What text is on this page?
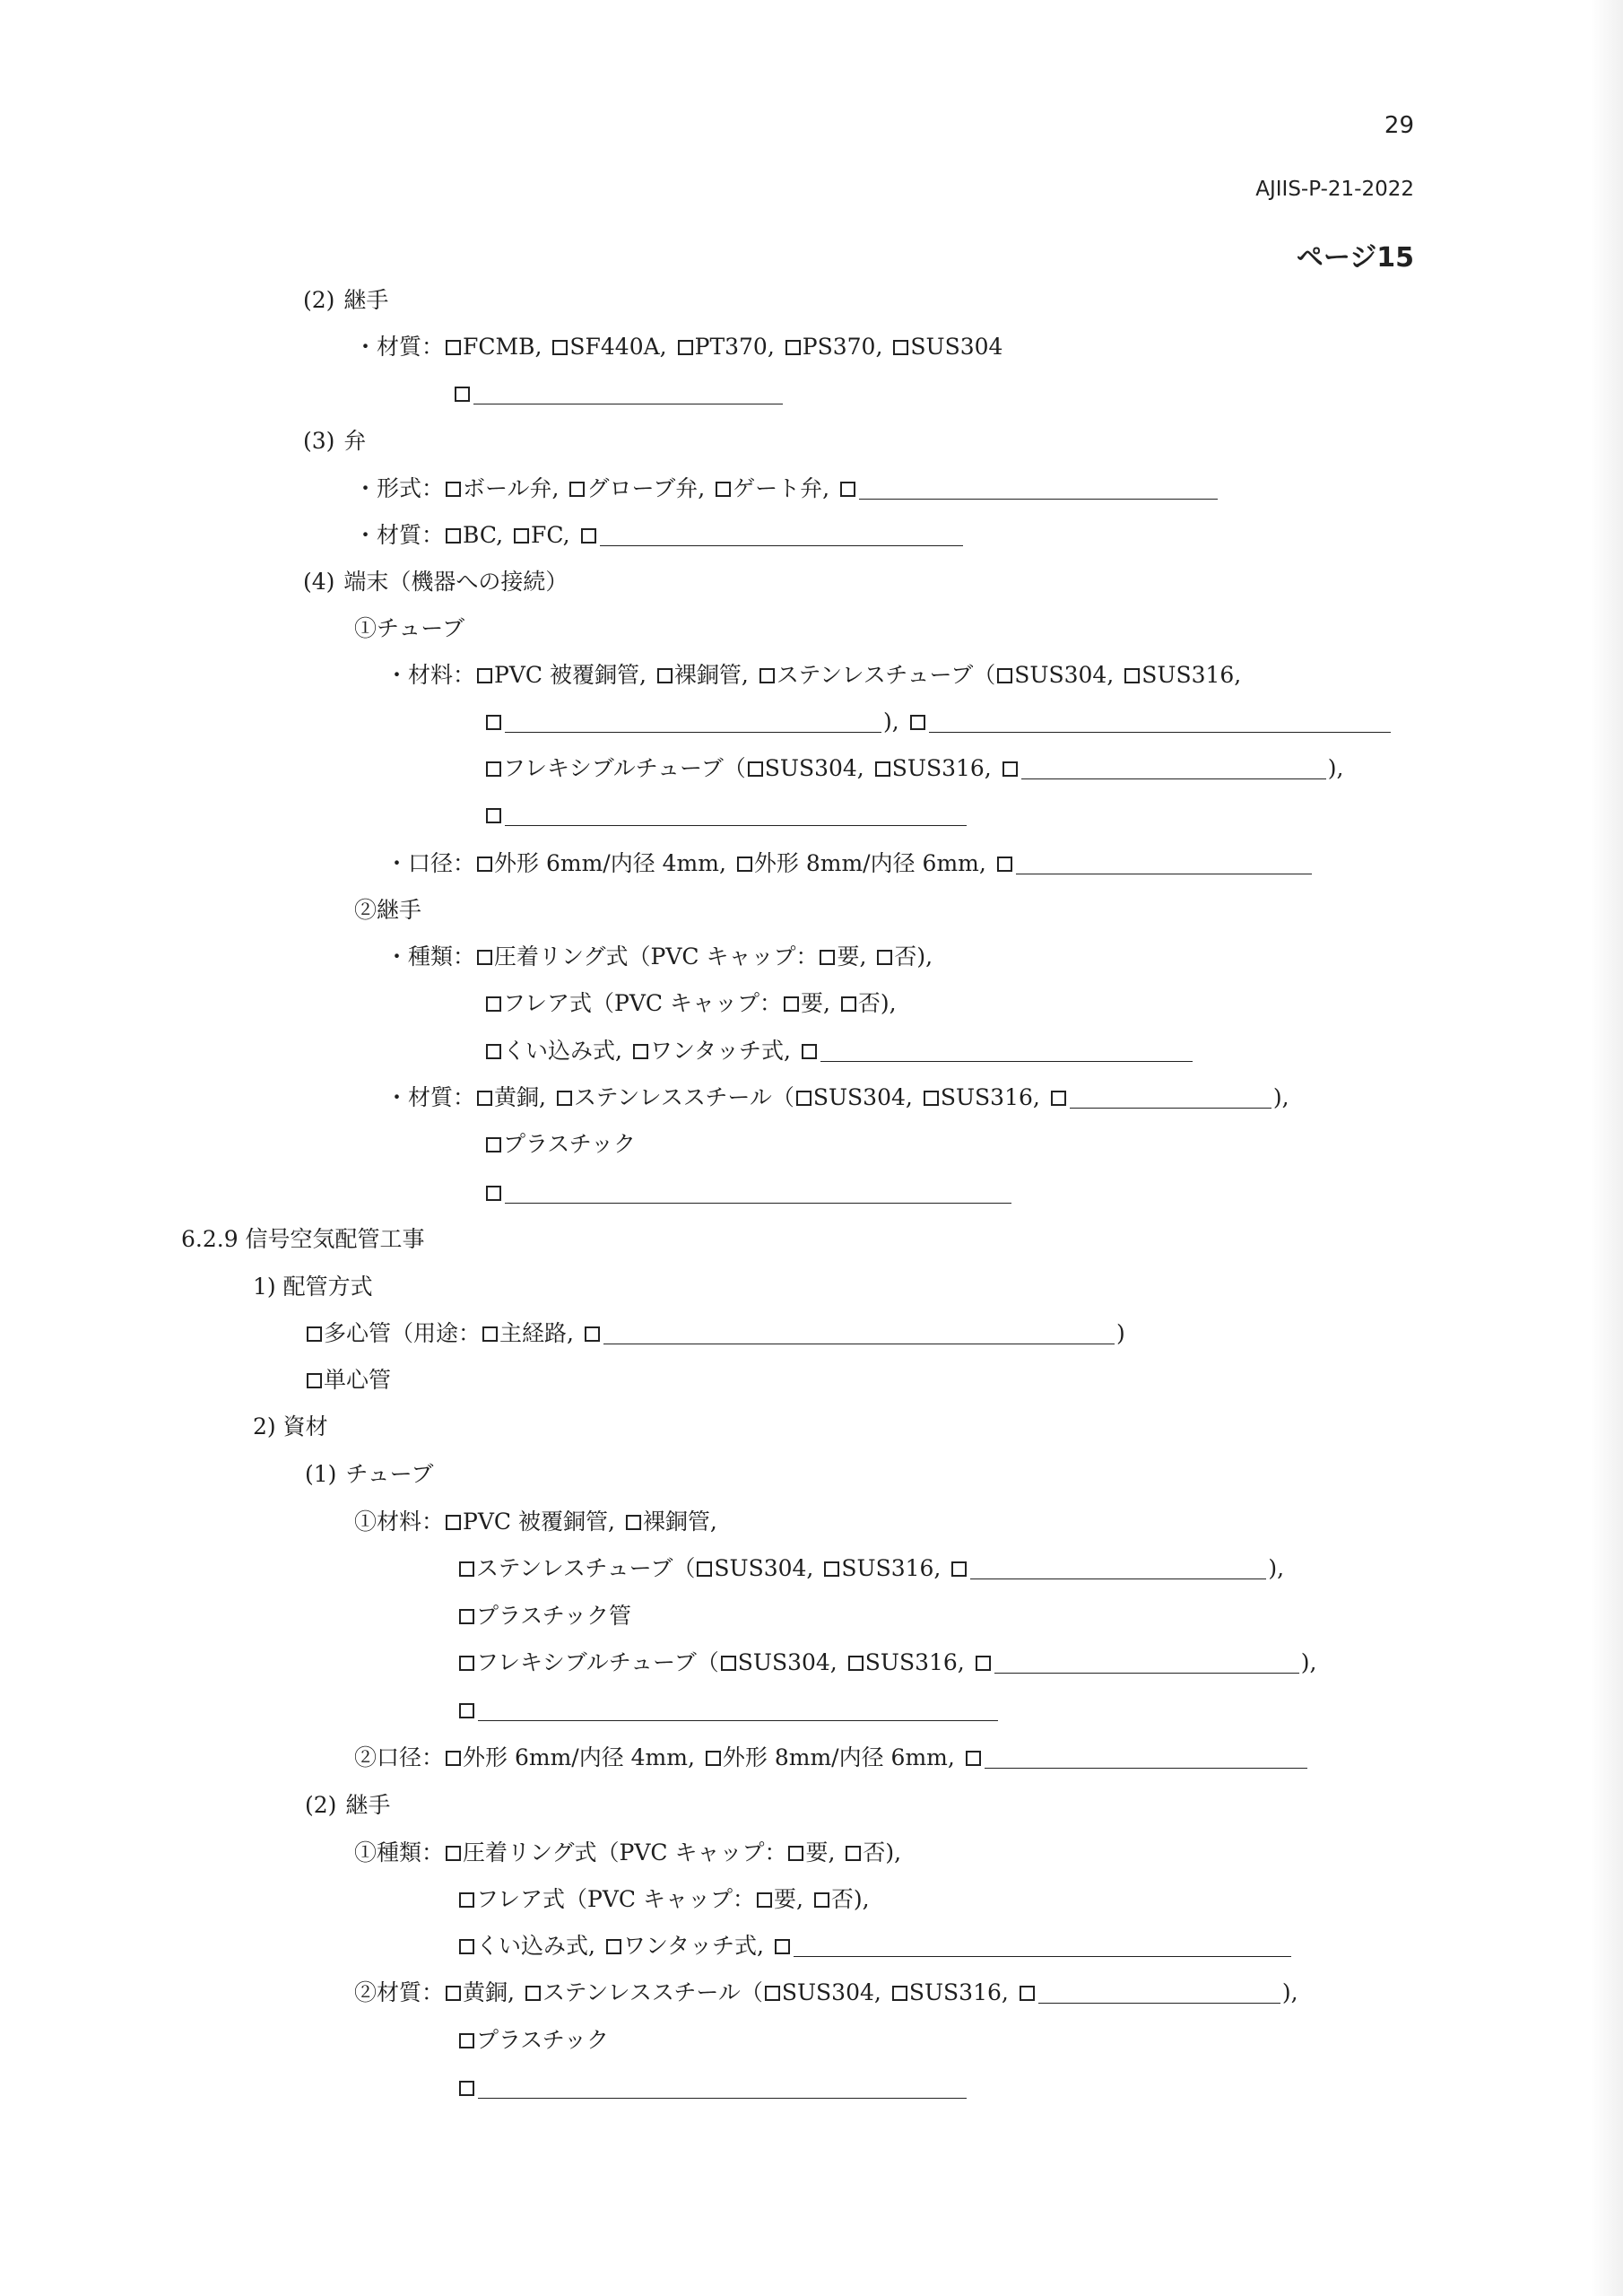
29
AJIIS-P-21-2022
ページ15
(2) 継手
・材質： FCMB, SF440A, PT370, PS370, SUS304
(3) 弁
・形式： ボール弁, グローブ弁, ゲート弁,
・材質： BC, FC,
(4) 端末（機器への接続）
①チューブ
・材料： PVC 被覆銅管, 裸銅管, ステンレスチューブ（ SUS304, SUS316,
),
フレキシブルチューブ（ SUS304, SUS316,	),
・口径： 外形 6mm/内径 4mm, 外形 8mm/内径 6mm,
②継手
・種類： 圧着リング式（PVC キャップ： 要, 否),
フレア式（PVC キャップ： 要, 否),
くい込み式, ワンタッチ式,
・材質： 黄銅, ステンレススチール（ SUS304, SUS316,	),
プラスチック
6.2.9 信号空気配管工事
1) 配管方式
多心管（用途： 主経路,	)
単心管
2) 資材
(1) チューブ
①材料： PVC 被覆銅管, 裸銅管,
ステンレスチューブ（ SUS304, SUS316,	),
プラスチック管
フレキシブルチューブ（ SUS304, SUS316,	),
②口径： 外形 6mm/内径 4mm, 外形 8mm/内径 6mm,
(2) 継手
①種類： 圧着リング式（PVC キャップ： 要, 否),
フレア式（PVC キャップ： 要, 否),
くい込み式, ワンタッチ式,
②材質： 黄銅, ステンレススチール（ SUS304, SUS316,	),
プラスチック
